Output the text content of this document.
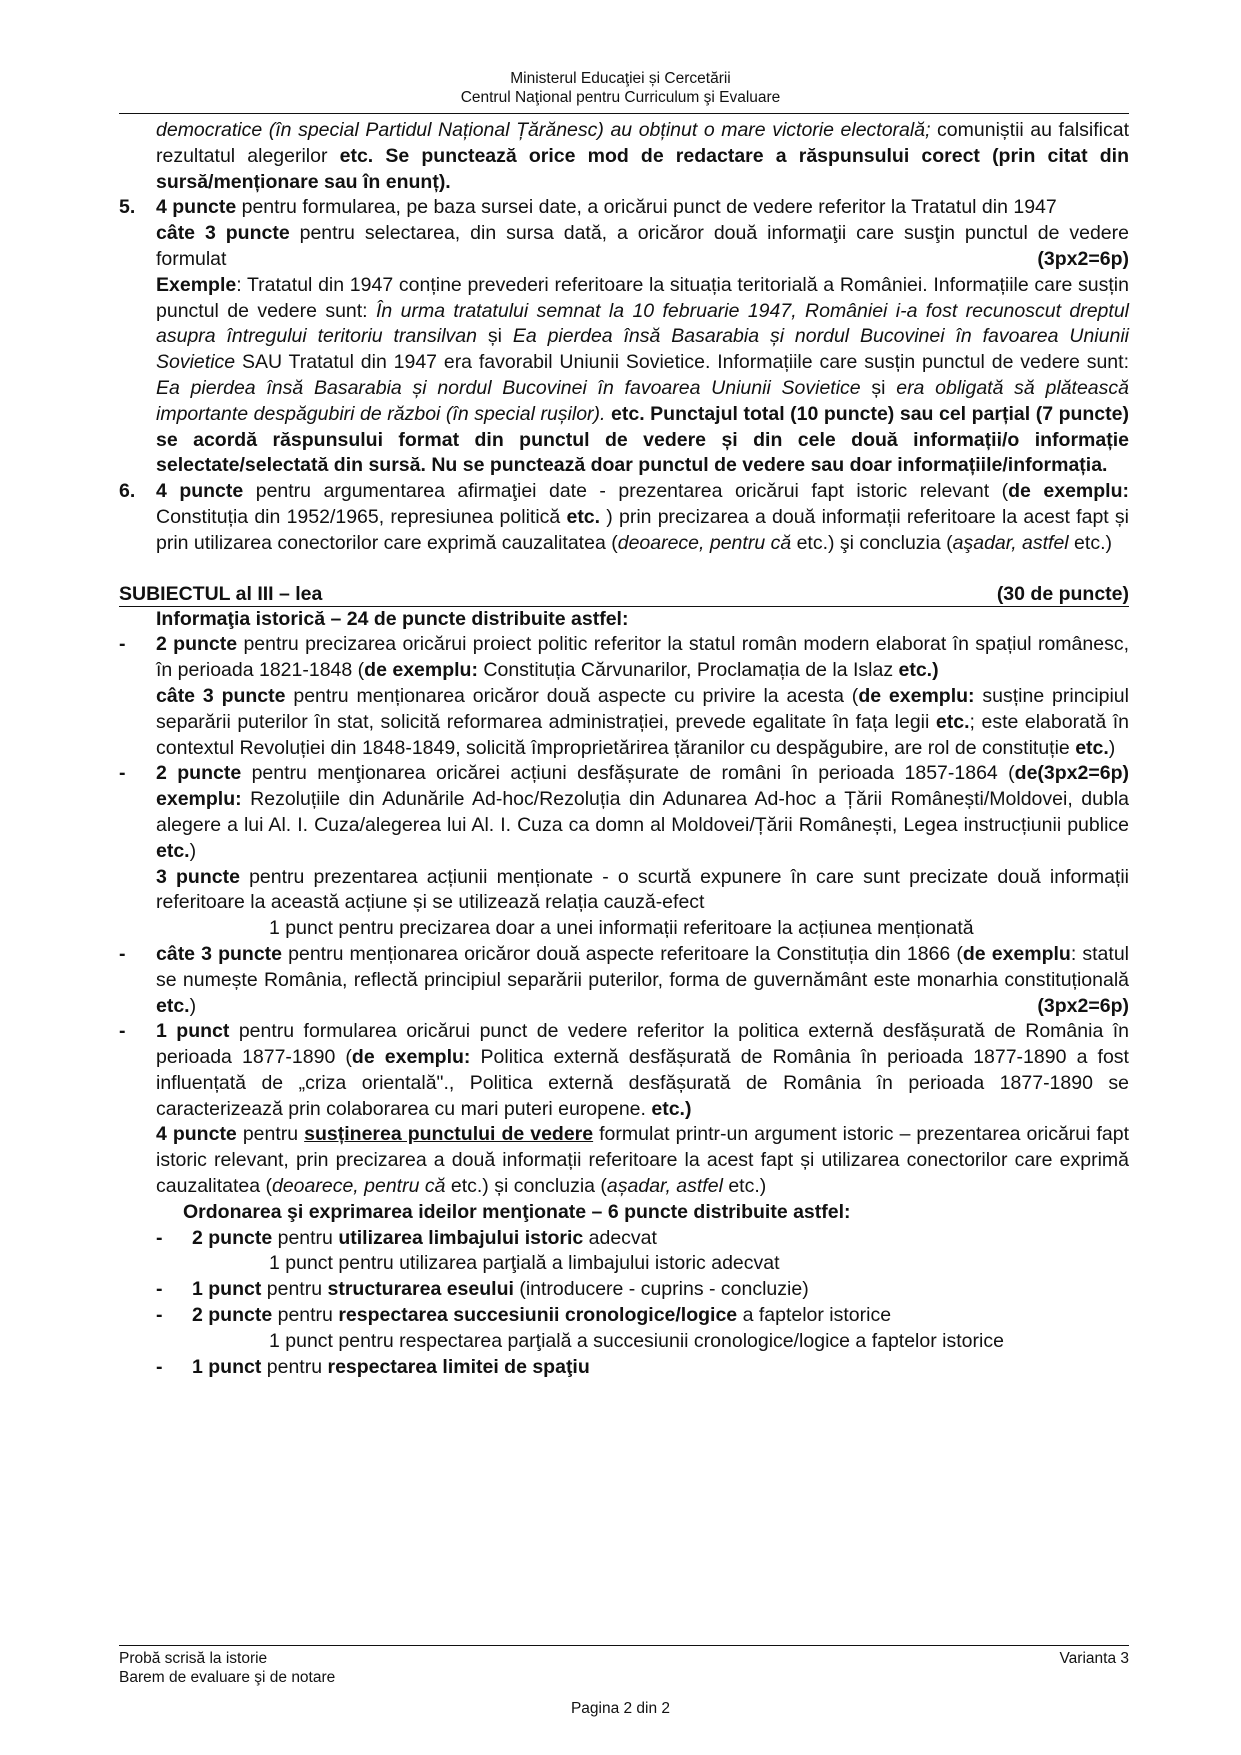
Ministerul Educaţiei și Cercetării
Centrul Naţional pentru Curriculum şi Evaluare
democratice (în special Partidul Național Țărănesc) au obținut o mare victorie electorală; comuniștii au falsificat rezultatul alegerilor etc. Se punctează orice mod de redactare a răspunsului corect (prin citat din sursă/menționare sau în enunț).
5.	4 puncte pentru formularea, pe baza sursei date, a oricărui punct de vedere referitor la Tratatul din 1947
câte 3 puncte pentru selectarea, din sursa dată, a oricăror două informaţii care susţin punctul de vedere formulat	(3px2=6p)
Exemple: Tratatul din 1947 conține prevederi referitoare la situația teritorială a României. Informațiile care susțin punctul de vedere sunt: În urma tratatului semnat la 10 februarie 1947, României i-a fost recunoscut dreptul asupra întregului teritoriu transilvan și Ea pierdea însă Basarabia și nordul Bucovinei în favoarea Uniunii Sovietice SAU Tratatul din 1947 era favorabil Uniunii Sovietice. Informațiile care susțin punctul de vedere sunt: Ea pierdea însă Basarabia și nordul Bucovinei în favoarea Uniunii Sovietice și era obligată să plătească importante despăgubiri de război (în special rușilor). etc. Punctajul total (10 puncte) sau cel parțial (7 puncte) se acordă răspunsului format din punctul de vedere și din cele două informații/o informație selectate/selectată din sursă. Nu se punctează doar punctul de vedere sau doar informațiile/informația.
6.	4 puncte pentru argumentarea afirmaţiei date - prezentarea oricărui fapt istoric relevant (de exemplu: Constituția din 1952/1965, represiunea politică etc. ) prin precizarea a două informații referitoare la acest fapt și prin utilizarea conectorilor care exprimă cauzalitatea (deoarece, pentru că etc.) şi concluzia (aşadar, astfel etc.)
SUBIECTUL al III – lea	(30 de puncte)
Informaţia istorică – 24 de puncte distribuite astfel:
-	2 puncte pentru precizarea oricărui proiect politic referitor la statul român modern elaborat în spațiul românesc, în perioada 1821-1848 (de exemplu: Constituția Cărvunarilor, Proclamația de la Islaz etc.)
câte 3 puncte pentru menționarea oricăror două aspecte cu privire la acesta (de exemplu: susține principiul separării puterilor în stat, solicită reformarea administrației, prevede egalitate în fața legii etc.; este elaborată în contextul Revoluției din 1848-1849, solicită împroprietărirea țăranilor cu despăgubire, are rol de constituție etc.)
(3px2=6p)
-	2 puncte pentru menţionarea oricărei acțiuni desfășurate de români în perioada 1857-1864 (de exemplu: Rezoluțiile din Adunările Ad-hoc/Rezoluția din Adunarea Ad-hoc a Țării Românești/Moldovei, dubla alegere a lui Al. I. Cuza/alegerea lui Al. I. Cuza ca domn al Moldovei/Țării Românești, Legea instrucțiunii publice etc.)
3 puncte pentru prezentarea acțiunii menționate - o scurtă expunere în care sunt precizate două informații referitoare la această acțiune și se utilizează relația cauză-efect
1 punct pentru precizarea doar a unei informații referitoare la acțiunea menționată
-	câte 3 puncte pentru menționarea oricăror două aspecte referitoare la Constituția din 1866 (de exemplu: statul se numește România, reflectă principiul separării puterilor, forma de guvernământ este monarhia constituțională etc.)	(3px2=6p)
-	1 punct pentru formularea oricărui punct de vedere referitor la politica externă desfășurată de România în perioada 1877-1890 (de exemplu: Politica externă desfășurată de România în perioada 1877-1890 a fost influențată de „criza orientală"., Politica externă desfășurată de România în perioada 1877-1890 se caracterizează prin colaborarea cu mari puteri europene. etc.)
4 puncte pentru susținerea punctului de vedere formulat printr-un argument istoric – prezentarea oricărui fapt istoric relevant, prin precizarea a două informații referitoare la acest fapt și utilizarea conectorilor care exprimă cauzalitatea (deoarece, pentru că etc.) și concluzia (așadar, astfel etc.)
Ordonarea şi exprimarea ideilor menţionate – 6 puncte distribuite astfel:
-	2 puncte pentru utilizarea limbajului istoric adecvat
1 punct pentru utilizarea parţială a limbajului istoric adecvat
-	1 punct pentru structurarea eseului (introducere - cuprins - concluzie)
-	2 puncte pentru respectarea succesiunii cronologice/logice a faptelor istorice
1 punct pentru respectarea parţială a succesiunii cronologice/logice a faptelor istorice
-	1 punct pentru respectarea limitei de spaţiu
Probă scrisă la istorie
Barem de evaluare şi de notare
Varianta 3
Pagina 2 din 2
